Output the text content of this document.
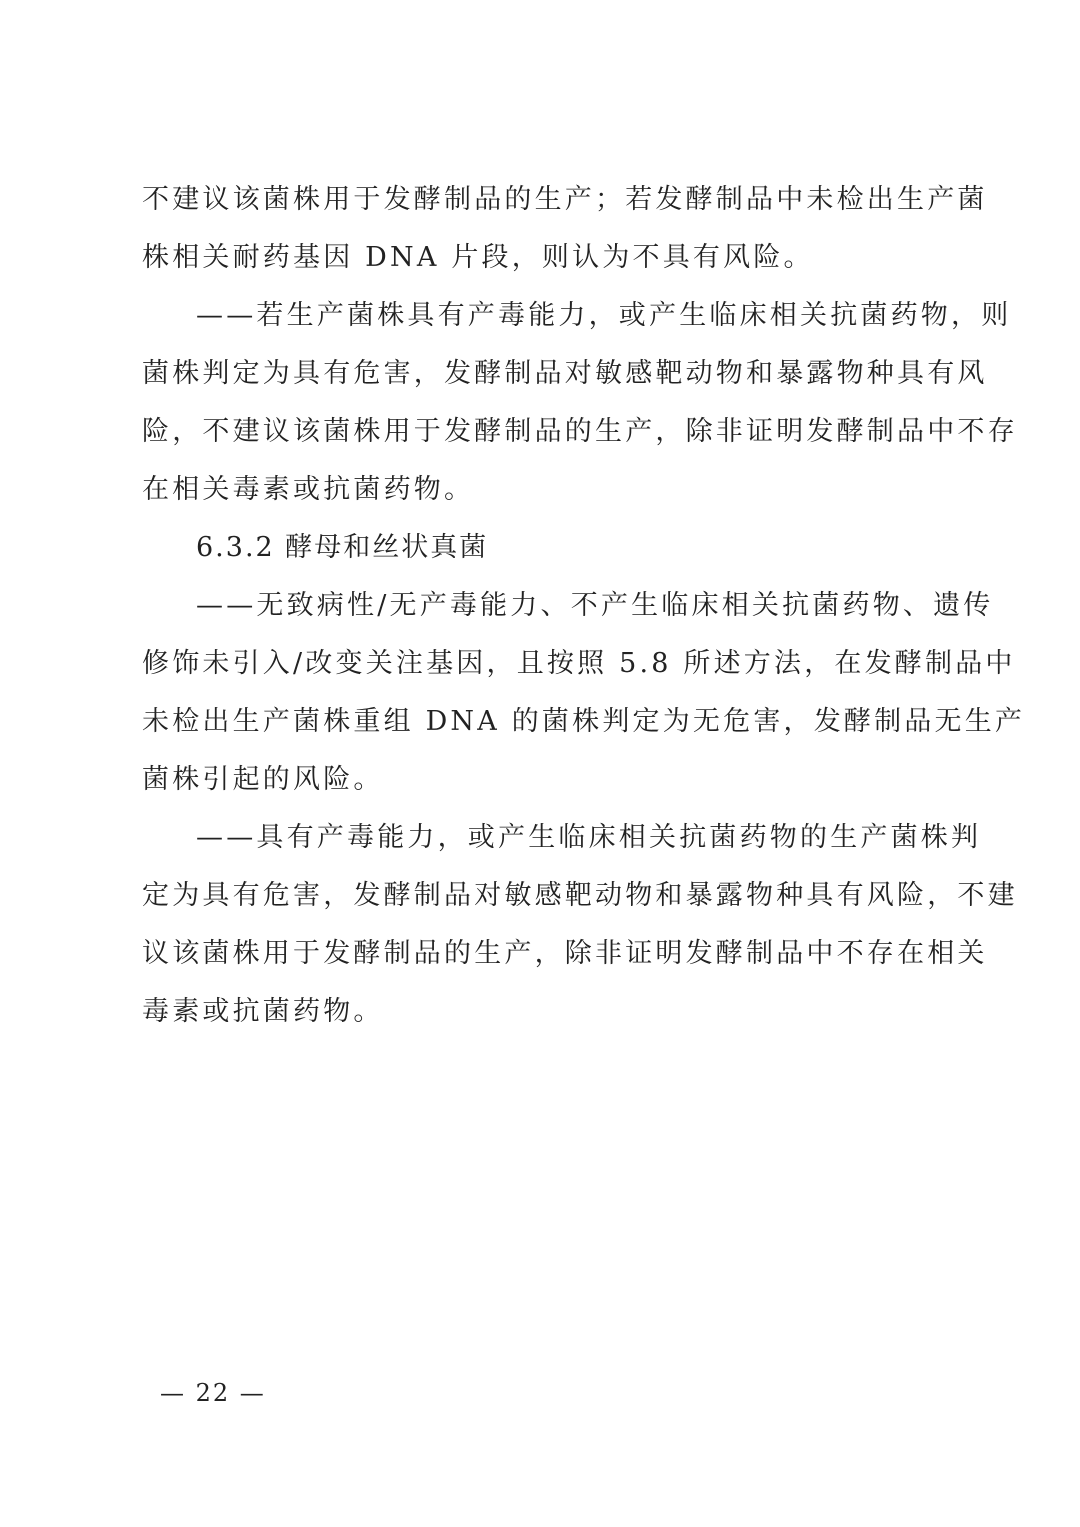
不建议该菌株用于发酵制品的生产；若发酵制品中未检出生产菌
株相关耐药基因 DNA 片段，则认为不具有风险。
——若生产菌株具有产毒能力，或产生临床相关抗菌药物，则
菌株判定为具有危害，发酵制品对敏感靶动物和暴露物种具有风
险，不建议该菌株用于发酵制品的生产，除非证明发酵制品中不存
在相关毒素或抗菌药物。
6.3.2 酵母和丝状真菌
——无致病性/无产毒能力、不产生临床相关抗菌药物、遗传
修饰未引入/改变关注基因，且按照 5.8 所述方法，在发酵制品中
未检出生产菌株重组 DNA 的菌株判定为无危害，发酵制品无生产
菌株引起的风险。
——具有产毒能力，或产生临床相关抗菌药物的生产菌株判
定为具有危害，发酵制品对敏感靶动物和暴露物种具有风险，不建
议该菌株用于发酵制品的生产，除非证明发酵制品中不存在相关
毒素或抗菌药物。
— 22 —
